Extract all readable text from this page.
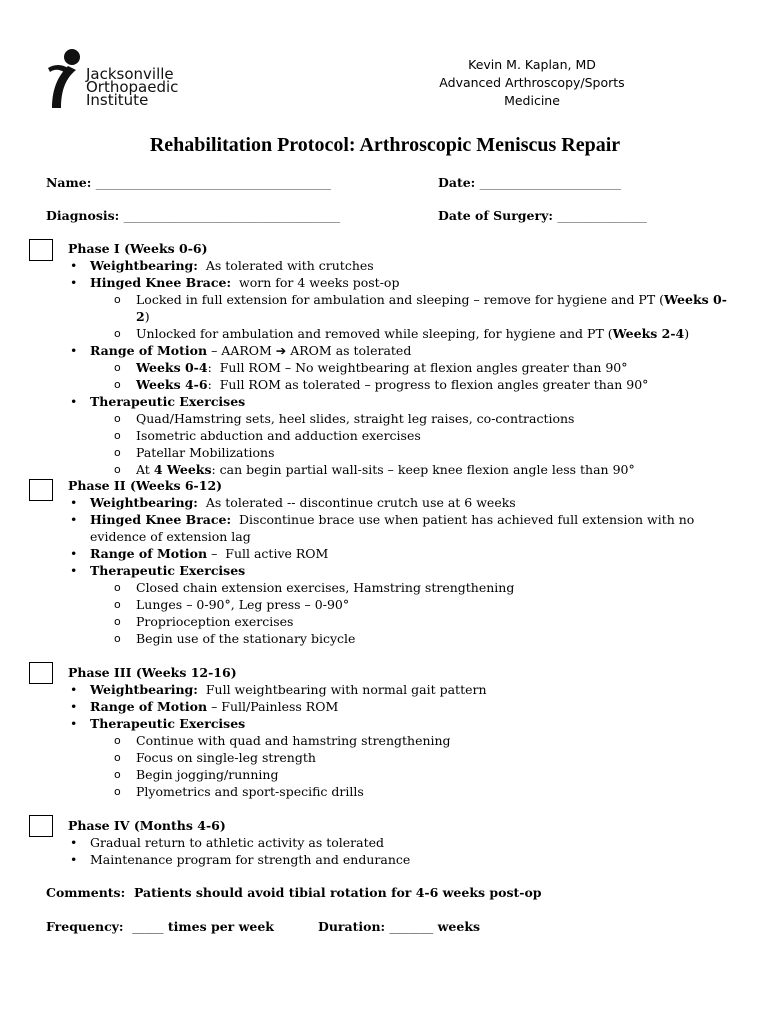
Jacksonville
Orthopaedic
Institute
Kevin M. Kaplan, MD
Advanced Arthroscopy/Sports
Medicine
Rehabilitation Protocol: Arthroscopic Meniscus Repair
Name: __________________________________________________	Date: ______________________________
Diagnosis: ______________________________________________	Date of Surgery: ___________________
Phase I (Weeks 0-6)
• Weightbearing:  As tolerated with crutches
• Hinged Knee Brace:  worn for 4 weeks post-op
o Locked in full extension for ambulation and sleeping – remove for hygiene and PT (Weeks 0-2)
o Unlocked for ambulation and removed while sleeping, for hygiene and PT (Weeks 2-4)
• Range of Motion – AAROM ➔ AROM as tolerated
o Weeks 0-4:  Full ROM – No weightbearing at flexion angles greater than 90°
o Weeks 4-6:  Full ROM as tolerated – progress to flexion angles greater than 90°
• Therapeutic Exercises
o Quad/Hamstring sets, heel slides, straight leg raises, co-contractions
o Isometric abduction and adduction exercises
o Patellar Mobilizations
o At 4 Weeks: can begin partial wall-sits – keep knee flexion angle less than 90°
Phase II (Weeks 6-12)
• Weightbearing:  As tolerated -- discontinue crutch use at 6 weeks
• Hinged Knee Brace:  Discontinue brace use when patient has achieved full extension with no evidence of extension lag
• Range of Motion –  Full active ROM
• Therapeutic Exercises
o Closed chain extension exercises, Hamstring strengthening
o Lunges – 0-90°, Leg press – 0-90°
o Proprioception exercises
o Begin use of the stationary bicycle
Phase III (Weeks 12-16)
• Weightbearing:  Full weightbearing with normal gait pattern
• Range of Motion – Full/Painless ROM
• Therapeutic Exercises
o Continue with quad and hamstring strengthening
o Focus on single-leg strength
o Begin jogging/running
o Plyometrics and sport-specific drills
Phase IV (Months 4-6)
• Gradual return to athletic activity as tolerated
• Maintenance program for strength and endurance
Comments: Patients should avoid tibial rotation for 4-6 weeks post-op
Frequency: _____ times per week	Duration: _______ weeks
